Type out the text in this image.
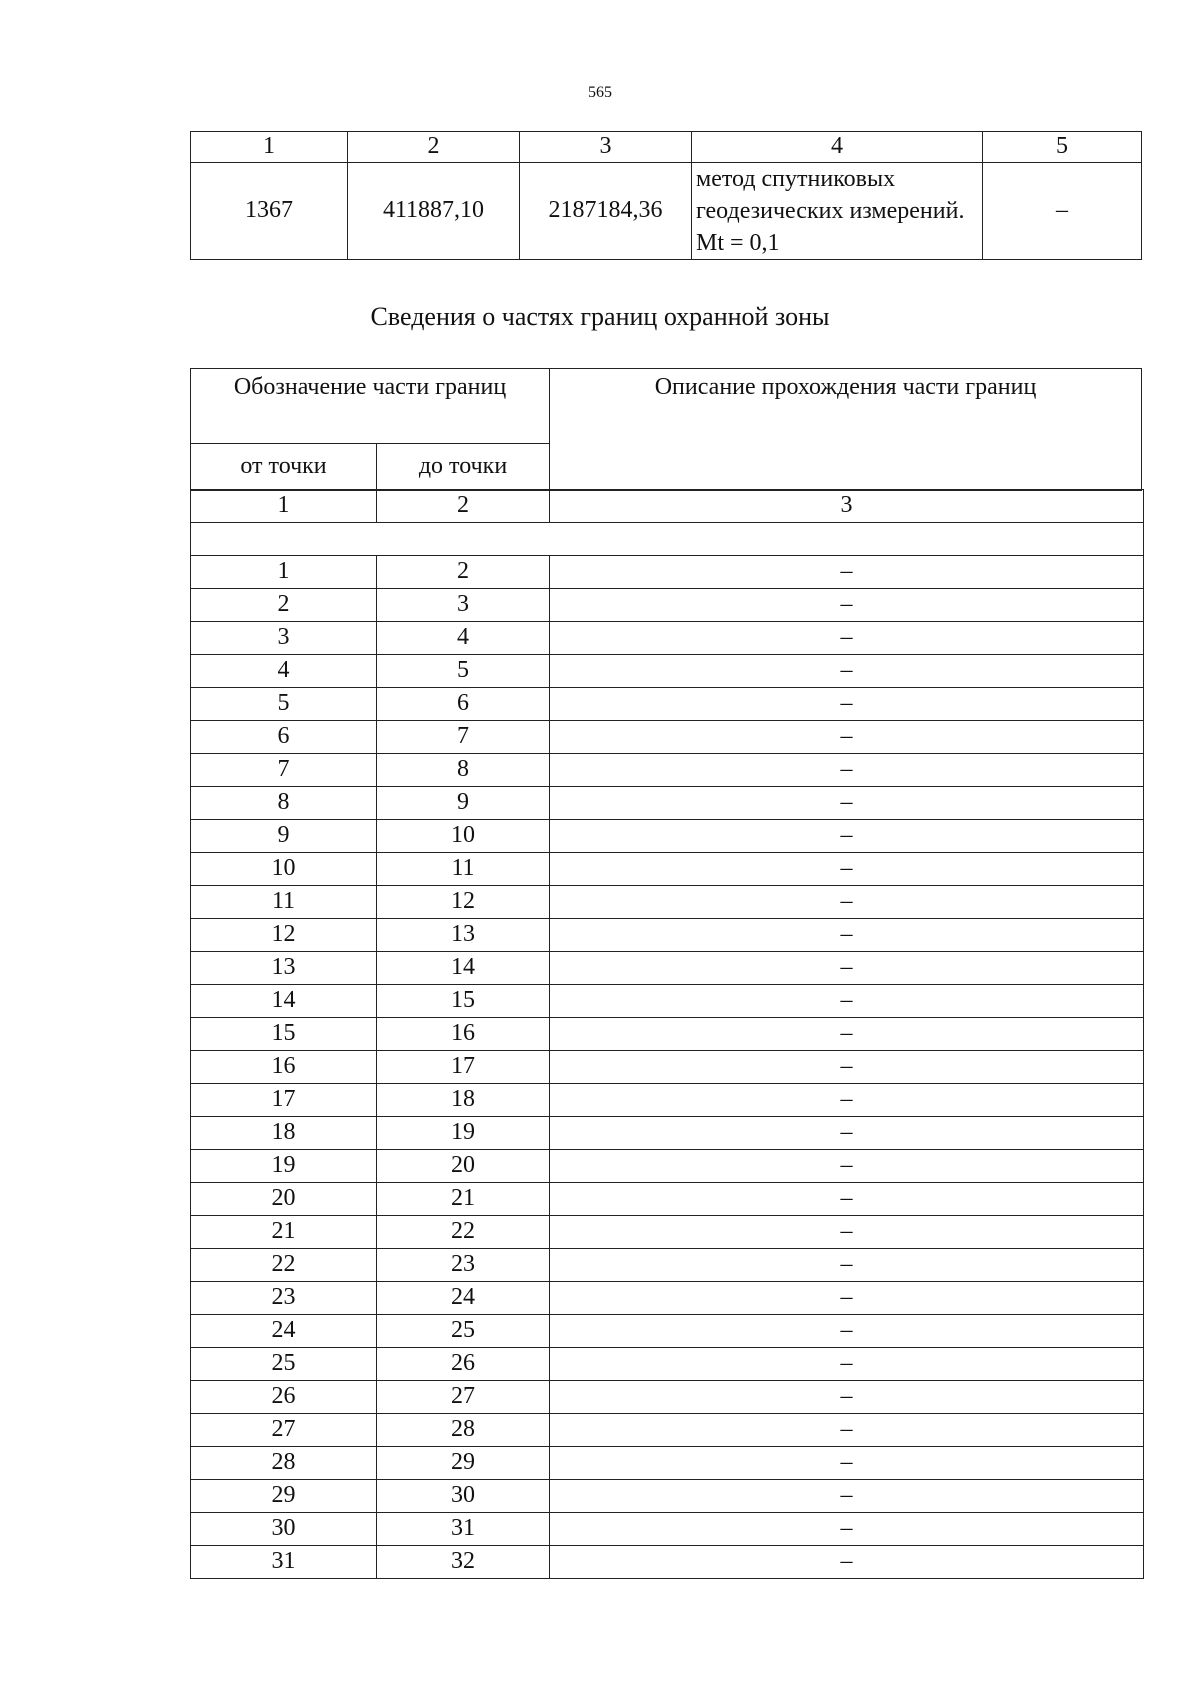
565
1	2	3	4	5
1367	411887,10	2187184,36	метод спутниковых геодезических измерений. Mt = 0,1	–
Сведения о частях границ охранной зоны
Обозначение части границ		Описание прохождения части границ
от точки	до точки	
1	2	3

1	2	–
2	3	–
3	4	–
4	5	–
5	6	–
6	7	–
7	8	–
8	9	–
9	10	–
10	11	–
11	12	–
12	13	–
13	14	–
14	15	–
15	16	–
16	17	–
17	18	–
18	19	–
19	20	–
20	21	–
21	22	–
22	23	–
23	24	–
24	25	–
25	26	–
26	27	–
27	28	–
28	29	–
29	30	–
30	31	–
31	32	–
